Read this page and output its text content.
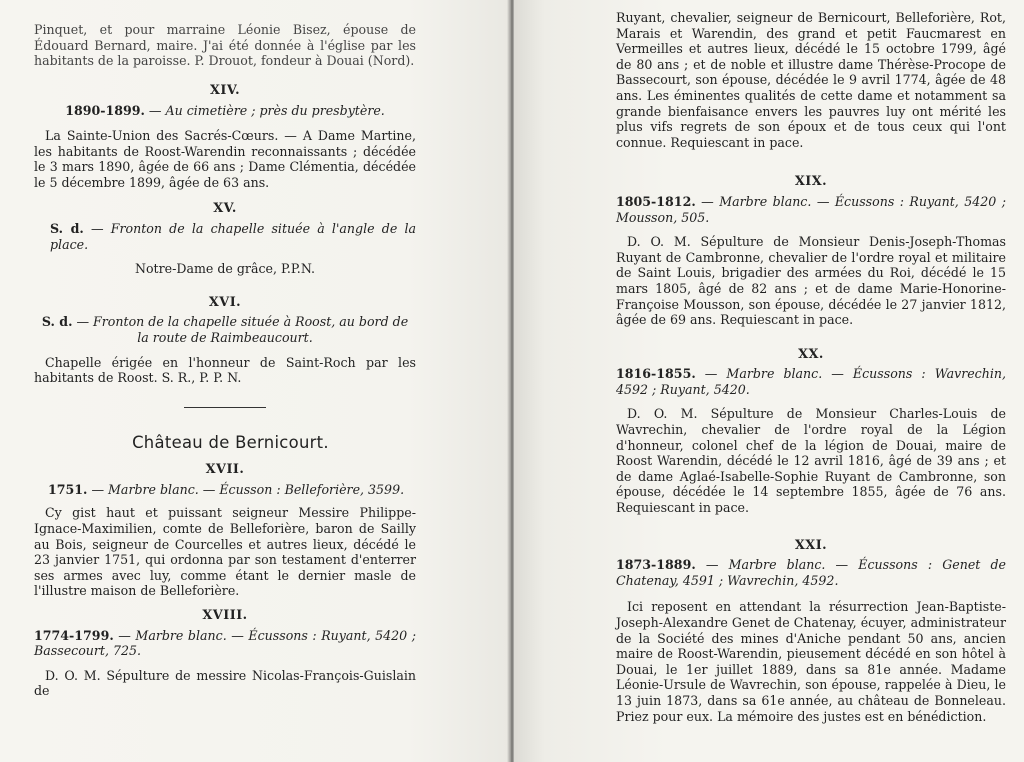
Pinquet, et pour marraine Léonie Bisez, épouse de Édouard Bernard, maire. J'ai été donnée à l'église par les habitants de la paroisse. P. Drouot, fondeur à Douai (Nord).

XIV.

1890-1899. — Au cimetière ; près du presbytère.

La Sainte-Union des Sacrés-Cœurs. — A Dame Martine, les habitants de Roost-Warendin reconnaissants ; décédée le 3 mars 1890, âgée de 66 ans ; Dame Clémentia, décédée le 5 décembre 1899, âgée de 63 ans.

XV.

S. d. — Fronton de la chapelle située à l'angle de la place.

Notre-Dame de grâce, P.P.N.

XVI.

S. d. — Fronton de la chapelle située à Roost, au bord de la route de Raimbeaucourt.

Chapelle érigée en l'honneur de Saint-Roch par les habitants de Roost. S. R., P. P. N.

Château de Bernicourt.

XVII.

1751. — Marbre blanc. — Écusson : Belleforière, 3599.

Cy gist haut et puissant seigneur Messire Philippe-Ignace-Maximilien, comte de Belleforière, baron de Sailly au Bois, seigneur de Courcelles et autres lieux, décédé le 23 janvier 1751, qui ordonna par son testament d'enterrer ses armes avec luy, comme étant le dernier masle de l'illustre maison de Belleforière.

XVIII.

1774-1799. — Marbre blanc. — Écussons : Ruyant, 5420 ; Bassecourt, 725.

D. O. M. Sépulture de messire Nicolas-François-Guislain de

Ruyant, chevalier, seigneur de Bernicourt, Belleforière, Rot, Marais et Warendin, des grand et petit Faucmarest en Vermeilles et autres lieux, décédé le 15 octobre 1799, âgé de 80 ans ; et de noble et illustre dame Thérèse-Procope de Bassecourt, son épouse, décédée le 9 avril 1774, âgée de 48 ans. Les éminentes qualités de cette dame et notamment sa grande bienfaisance envers les pauvres luy ont mérité les plus vifs regrets de son époux et de tous ceux qui l'ont connue. Requiescant in pace.

XIX.

1805-1812. — Marbre blanc. — Écussons : Ruyant, 5420 ; Mousson, 505.

D. O. M. Sépulture de Monsieur Denis-Joseph-Thomas Ruyant de Cambronne, chevalier de l'ordre royal et militaire de Saint Louis, brigadier des armées du Roi, décédé le 15 mars 1805, âgé de 82 ans ; et de dame Marie-Honorine-Françoise Mousson, son épouse, décédée le 27 janvier 1812, âgée de 69 ans. Requiescant in pace.

XX.

1816-1855. — Marbre blanc. — Écussons : Wavrechin, 4592 ; Ruyant, 5420.

D. O. M. Sépulture de Monsieur Charles-Louis de Wavrechin, chevalier de l'ordre royal de la Légion d'honneur, colonel chef de la légion de Douai, maire de Roost Warendin, décédé le 12 avril 1816, âgé de 39 ans ; et de dame Aglaé-Isabelle-Sophie Ruyant de Cambronne, son épouse, décédée le 14 septembre 1855, âgée de 76 ans. Requiescant in pace.

XXI.

1873-1889. — Marbre blanc. — Écussons : Genet de Chatenay, 4591 ; Wavrechin, 4592.

Ici reposent en attendant la résurrection Jean-Baptiste-Joseph-Alexandre Genet de Chatenay, écuyer, administrateur de la Société des mines d'Aniche pendant 50 ans, ancien maire de Roost-Warendin, pieusement décédé en son hôtel à Douai, le 1er juillet 1889, dans sa 81e année. Madame Léonie-Ursule de Wavrechin, son épouse, rappelée à Dieu, le 13 juin 1873, dans sa 61e année, au château de Bonneleau. Priez pour eux. La mémoire des justes est en bénédiction.
